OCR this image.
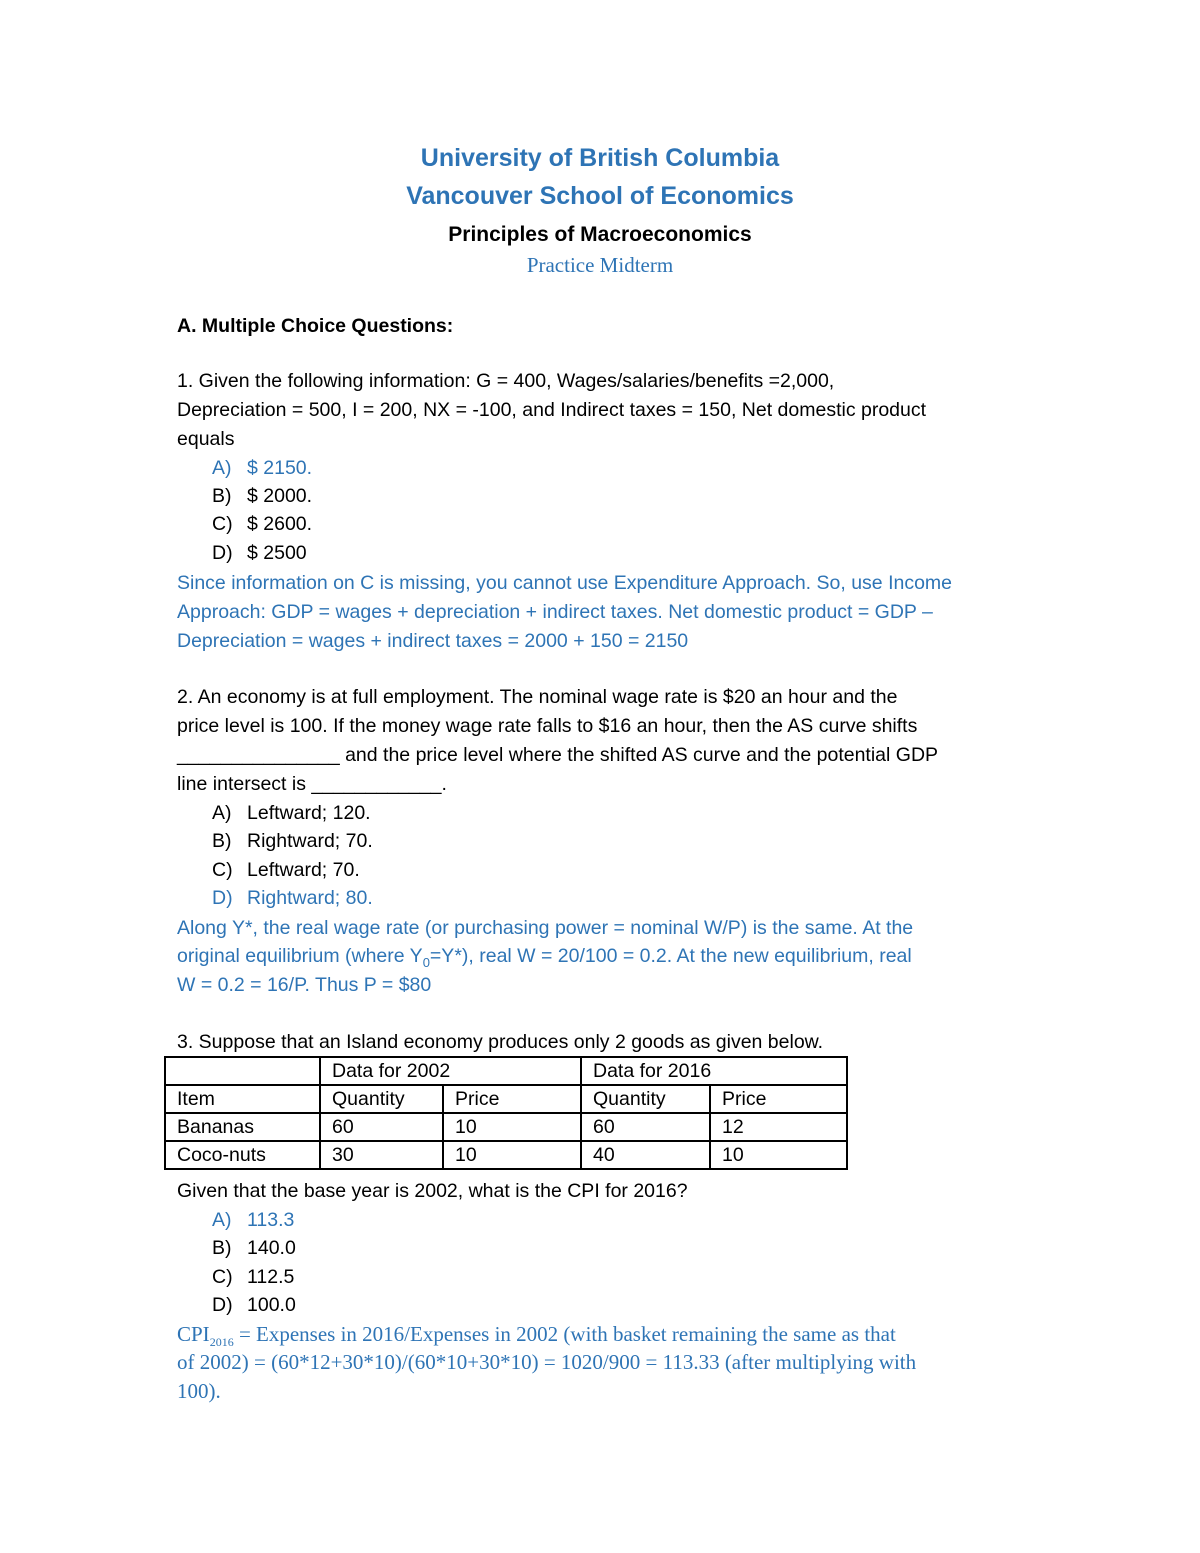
University of British Columbia
Vancouver School of Economics
Principles of Macroeconomics
Practice Midterm
A. Multiple Choice Questions:
1. Given the following information: G = 400, Wages/salaries/benefits =2,000,
Depreciation = 500, I = 200, NX = -100, and Indirect taxes = 150, Net domestic product
equals
A) $ 2150.
B) $ 2000.
C) $ 2600.
D) $ 2500
Since information on C is missing, you cannot use Expenditure Approach. So, use Income
Approach: GDP = wages + depreciation + indirect taxes. Net domestic product = GDP –
Depreciation = wages + indirect taxes = 2000 + 150 = 2150
2. An economy is at full employment. The nominal wage rate is $20 an hour and the
price level is 100. If the money wage rate falls to $16 an hour, then the AS curve shifts
_______________ and the price level where the shifted AS curve and the potential GDP
line intersect is ____________.
A) Leftward; 120.
B) Rightward; 70.
C) Leftward; 70.
D) Rightward; 80.
Along Y*, the real wage rate (or purchasing power = nominal W/P) is the same. At the
original equilibrium (where $Y_0=Y*$), real W = 20/100 = 0.2. At the new equilibrium, real
W = 0.2 = 16/P. Thus P = $80
3. Suppose that an Island economy produces only 2 goods as given below.
	Data for 2002		Data for 2016	
Item	Quantity	Price	Quantity	Price
Bananas	60	10	60	12
Coco-nuts	30	10	40	10
Given that the base year is 2002, what is the CPI for 2016?
A) 113.3
B) 140.0
C) 112.5
D) 100.0
$CPI_{2016}$ = Expenses in 2016/Expenses in 2002 (with basket remaining the same as that
of 2002) = (60*12+30*10)/(60*10+30*10) = 1020/900 = 113.33 (after multiplying with
100).
